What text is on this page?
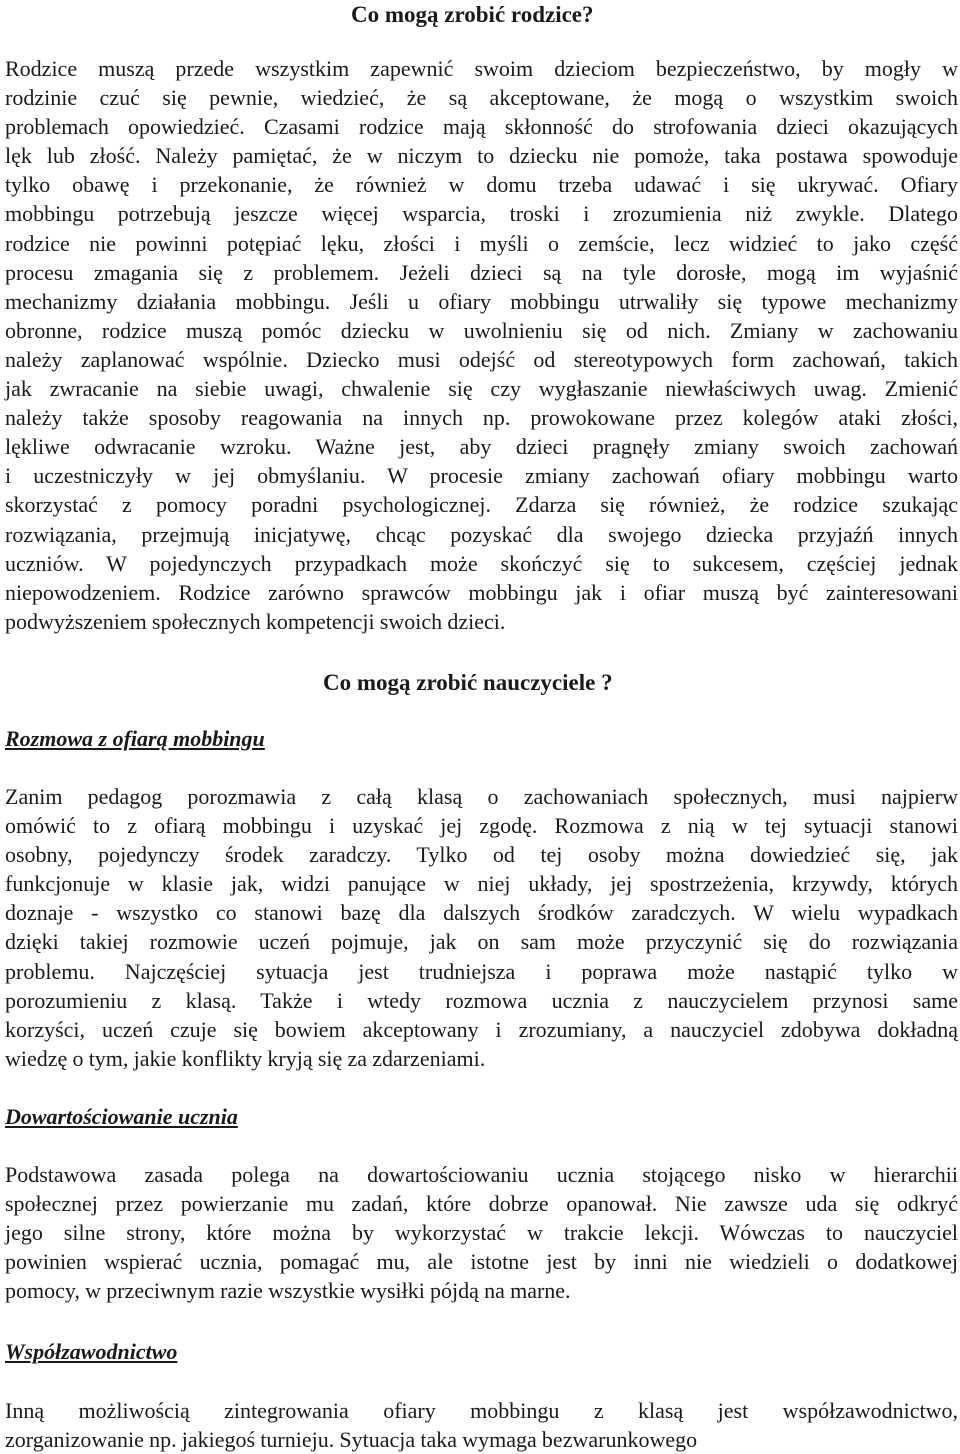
Co mogą zrobić rodzice?
Rodzice muszą przede wszystkim zapewnić swoim dzieciom bezpieczeństwo, by mogły w
rodzinie czuć się pewnie, wiedzieć, że są akceptowane, że mogą o wszystkim swoich
problemach opowiedzieć. Czasami rodzice mają skłonność do strofowania dzieci okazujących
lęk lub złość. Należy pamiętać, że w niczym to dziecku nie pomoże, taka postawa spowoduje
tylko obawę i przekonanie, że również w domu trzeba udawać i się ukrywać. Ofiary
mobbingu potrzebują jeszcze więcej wsparcia, troski i zrozumienia niż zwykle. Dlatego
rodzice nie powinni potępiać lęku, złości i myśli o zemście, lecz widzieć to jako część
procesu zmagania się z problemem. Jeżeli dzieci są na tyle dorosłe, mogą im wyjaśnić
mechanizmy działania mobbingu. Jeśli u ofiary mobbingu utrwaliły się typowe mechanizmy
obronne, rodzice muszą pomóc dziecku w uwolnieniu się od nich. Zmiany w zachowaniu
należy zaplanować wspólnie. Dziecko musi odejść od stereotypowych form zachowań, takich
jak zwracanie na siebie uwagi, chwalenie się czy wygłaszanie niewłaściwych uwag. Zmienić
należy także sposoby reagowania na innych np. prowokowane przez kolegów ataki złości,
lękliwe odwracanie wzroku. Ważne jest, aby dzieci pragnęły zmiany swoich zachowań
i uczestniczyły w jej obmyślaniu. W procesie zmiany zachowań ofiary mobbingu warto
skorzystać z pomocy poradni psychologicznej. Zdarza się również, że rodzice szukając
rozwiązania, przejmują inicjatywę, chcąc pozyskać dla swojego dziecka przyjaźń innych
uczniów. W pojedynczych przypadkach może skończyć się to sukcesem, częściej jednak
niepowodzeniem. Rodzice zarówno sprawców mobbingu jak i ofiar muszą być zainteresowani
podwyższeniem społecznych kompetencji swoich dzieci.
Co mogą zrobić nauczyciele ?
Rozmowa z ofiarą mobbingu
Zanim pedagog porozmawia z całą klasą o zachowaniach społecznych, musi najpierw
omówić to z ofiarą mobbingu i uzyskać jej zgodę. Rozmowa z nią w tej sytuacji stanowi
osobny, pojedynczy środek zaradczy. Tylko od tej osoby można dowiedzieć się, jak
funkcjonuje w klasie jak, widzi panujące w niej układy, jej spostrzeżenia, krzywdy, których
doznaje - wszystko co stanowi bazę dla dalszych środków zaradczych. W wielu wypadkach
dzięki takiej rozmowie uczeń pojmuje, jak on sam może przyczynić się do rozwiązania
problemu. Najczęściej sytuacja jest trudniejsza i poprawa może nastąpić tylko w
porozumieniu z klasą. Także i wtedy rozmowa ucznia z nauczycielem przynosi same
korzyści, uczeń czuje się bowiem akceptowany i zrozumiany, a nauczyciel zdobywa dokładną
wiedzę o tym, jakie konflikty kryją się za zdarzeniami.
Dowartościowanie ucznia
Podstawowa zasada polega na dowartościowaniu ucznia stojącego nisko w hierarchii
społecznej przez powierzanie mu zadań, które dobrze opanował. Nie zawsze uda się odkryć
jego silne strony, które można by wykorzystać w trakcie lekcji. Wówczas to nauczyciel
powinien wspierać ucznia, pomagać mu, ale istotne jest by inni nie wiedzieli o dodatkowej
pomocy, w przeciwnym razie wszystkie wysiłki pójdą na marne.
Współzawodnictwo
Inną możliwością zintegrowania ofiary mobbingu z klasą jest współzawodnictwo,
zorganizowanie np. jakiegoś turnieju. Sytuacja taka wymaga bezwarunkowego
